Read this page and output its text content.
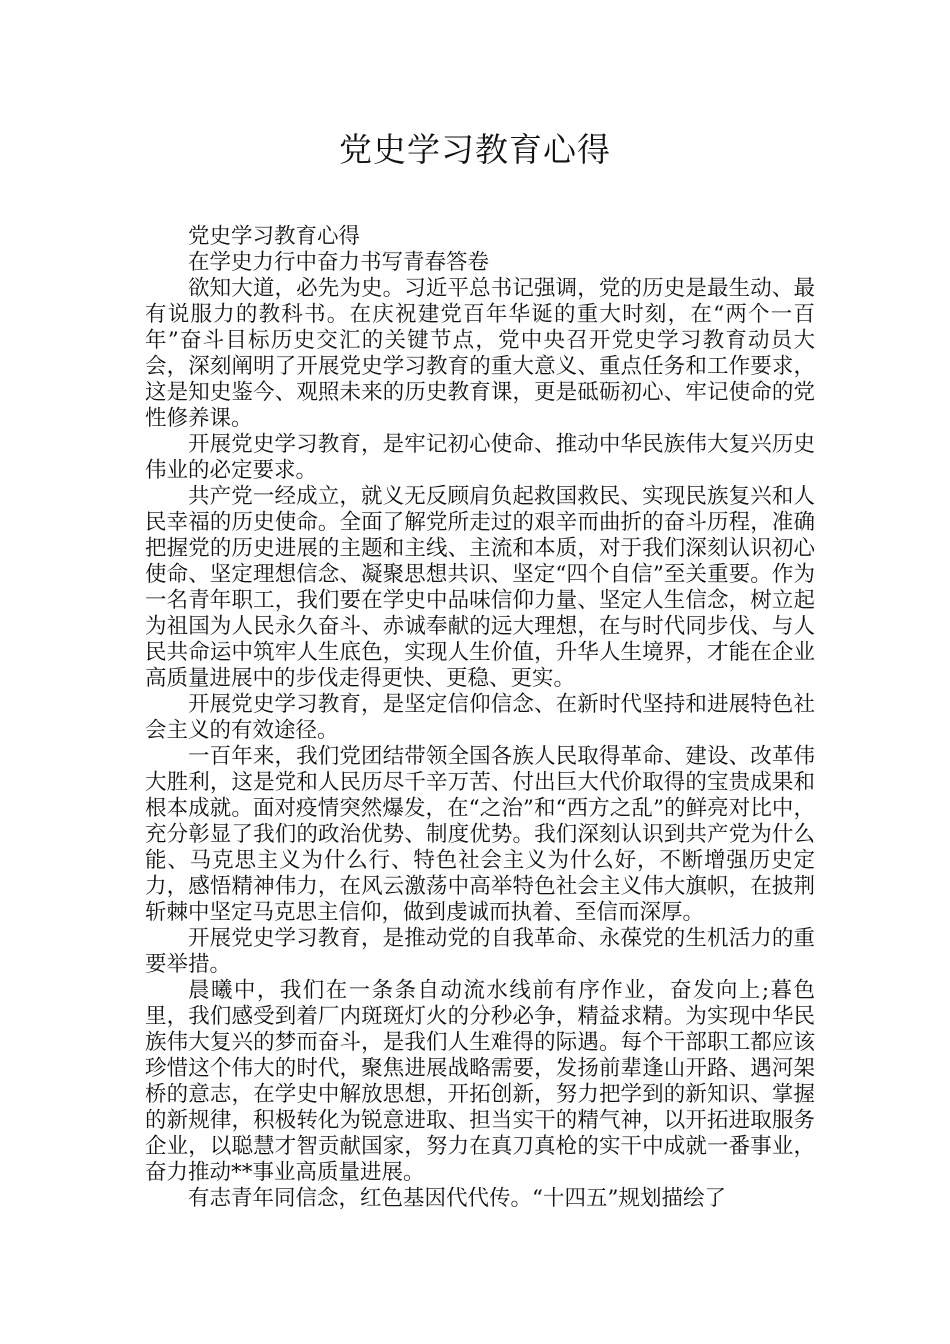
党史学习教育心得

党史学习教育心得

在学史力行中奋力书写青春答卷

欲知大道，必先为史。习近平总书记强调，党的历史是最生动、最有说服力的教科书。在庆祝建党百年华诞的重大时刻，在“两个一百年”奋斗目标历史交汇的关键节点，党中央召开党史学习教育动员大会，深刻阐明了开展党史学习教育的重大意义、重点任务和工作要求，这是知史鉴今、观照未来的历史教育课，更是砥砺初心、牢记使命的党性修养课。

开展党史学习教育，是牢记初心使命、推动中华民族伟大复兴历史伟业的必定要求。

共产党一经成立，就义无反顾肩负起救国救民、实现民族复兴和人民幸福的历史使命。全面了解党所走过的艰辛而曲折的奋斗历程，准确把握党的历史进展的主题和主线、主流和本质，对于我们深刻认识初心使命、坚定理想信念、凝聚思想共识、坚定“四个自信”至关重要。作为一名青年职工，我们要在学史中品味信仰力量、坚定人生信念，树立起为祖国为人民永久奋斗、赤诚奉献的远大理想，在与时代同步伐、与人民共命运中筑牢人生底色，实现人生价值，升华人生境界，才能在企业高质量进展中的步伐走得更快、更稳、更实。

开展党史学习教育，是坚定信仰信念、在新时代坚持和进展特色社会主义的有效途径。

一百年来，我们党团结带领全国各族人民取得革命、建设、改革伟大胜利，这是党和人民历尽千辛万苦、付出巨大代价取得的宝贵成果和根本成就。面对疫情突然爆发，在“之治”和“西方之乱”的鲜亮对比中，充分彰显了我们的政治优势、制度优势。我们深刻认识到共产党为什么能、马克思主义为什么行、特色社会主义为什么好，不断增强历史定力，感悟精神伟力，在风云激荡中高举特色社会主义伟大旗帜，在披荆斩棘中坚定马克思主信仰，做到虔诚而执着、至信而深厚。

开展党史学习教育，是推动党的自我革命、永葆党的生机活力的重要举措。

晨曦中，我们在一条条自动流水线前有序作业，奋发向上;暮色里，我们感受到着厂内斑斑灯火的分秒必争，精益求精。为实现中华民族伟大复兴的梦而奋斗，是我们人生难得的际遇。每个干部职工都应该珍惜这个伟大的时代，聚焦进展战略需要，发扬前辈逢山开路、遇河架桥的意志，在学史中解放思想，开拓创新，努力把学到的新知识、掌握的新规律，积极转化为锐意进取、担当实干的精气神，以开拓进取服务企业，以聪慧才智贡献国家，努力在真刀真枪的实干中成就一番事业，奋力推动**事业高质量进展。

有志青年同信念，红色基因代代传。“十四五”规划描绘了
